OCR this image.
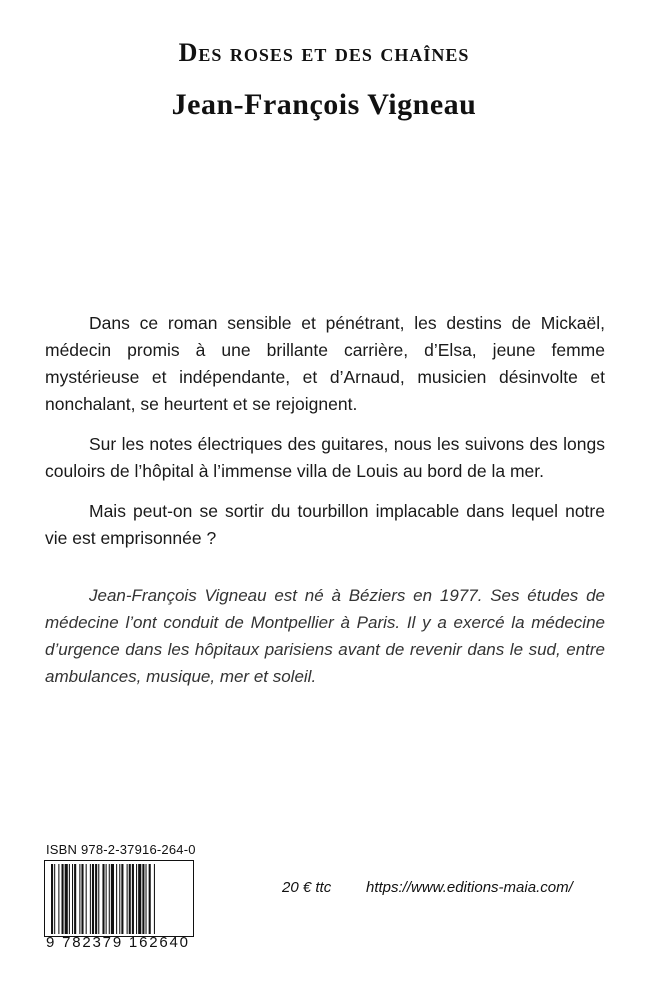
Des roses et des chaînes
Jean-François Vigneau

Dans ce roman sensible et pénétrant, les destins de Mickaël, médecin promis à une brillante carrière, d’Elsa, jeune femme mystérieuse et indépendante, et d’Arnaud, musicien désinvolte et nonchalant, se heurtent et se rejoignent.

Sur les notes électriques des guitares, nous les suivons des longs couloirs de l’hôpital à l’immense villa de Louis au bord de la mer.

Mais peut-on se sortir du tourbillon implacable dans lequel notre vie est emprisonnée ?

Jean-François Vigneau est né à Béziers en 1977. Ses études de médecine l’ont conduit de Montpellier à Paris. Il y a exercé la médecine d’urgence dans les hôpitaux parisiens avant de revenir dans le sud, entre ambulances, musique, mer et soleil.

ISBN 978-2-37916-264-0
9 782379 162640
20 € ttc https://www.editions-maia.com/
